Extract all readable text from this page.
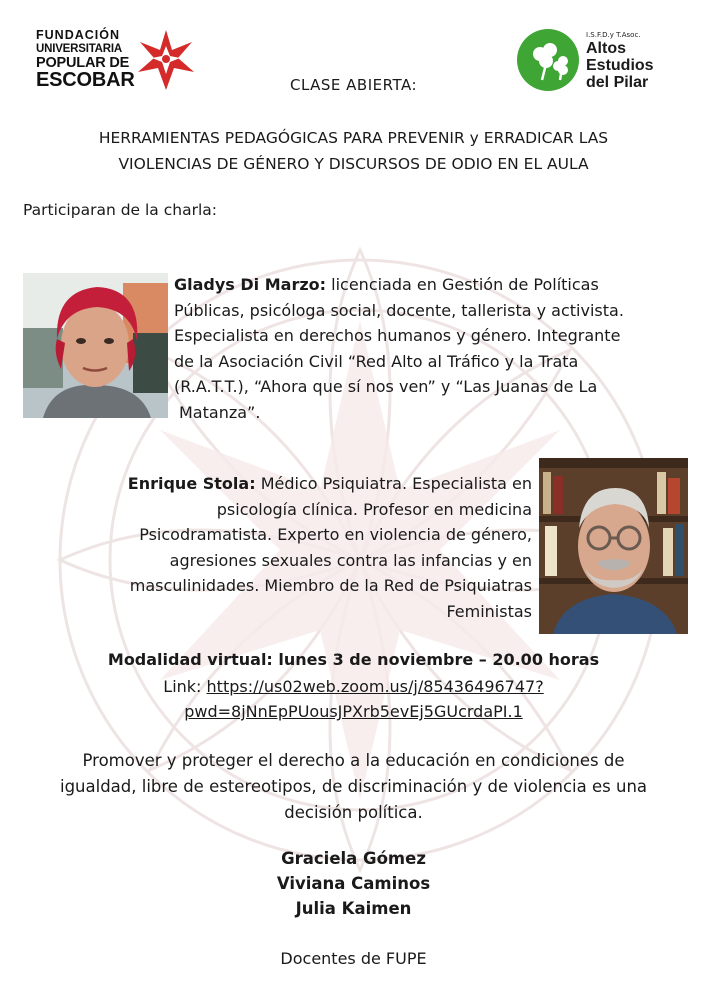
FUNDACIÓN
UNIVERSITARIA
POPULAR DE
ESCOBAR
I.S.F.D.y T.Asoc.
Altos
Estudios
del Pilar
CLASE ABIERTA:
HERRAMIENTAS PEDAGÓGICAS PARA PREVENIR y ERRADICAR LAS
VIOLENCIAS DE GÉNERO Y DISCURSOS DE ODIO EN EL AULA
Participaran de la charla:
Gladys Di Marzo: licenciada en Gestión de Políticas
Públicas, psicóloga social, docente, tallerista y activista.
Especialista en derechos humanos y género. Integrante
de la Asociación Civil “Red Alto al Tráfico y la Trata
(R.A.T.T.), “Ahora que sí nos ven” y “Las Juanas de La
Matanza”.
Enrique Stola: Médico Psiquiatra. Especialista en
psicología clínica. Profesor en medicina
Psicodramatista. Experto en violencia de género,
agresiones sexuales contra las infancias y en
masculinidades. Miembro de la Red de Psiquiatras
Feministas
Modalidad virtual: lunes 3 de noviembre – 20.00 horas
Link: https://us02web.zoom.us/j/85436496747?
pwd=8jNnEpPUousJPXrb5evEj5GUcrdaPI.1
Promover y proteger el derecho a la educación en condiciones de
igualdad, libre de estereotipos, de discriminación y de violencia es una
decisión política.
Graciela Gómez
Viviana Caminos
Julia Kaimen
Docentes de FUPE
